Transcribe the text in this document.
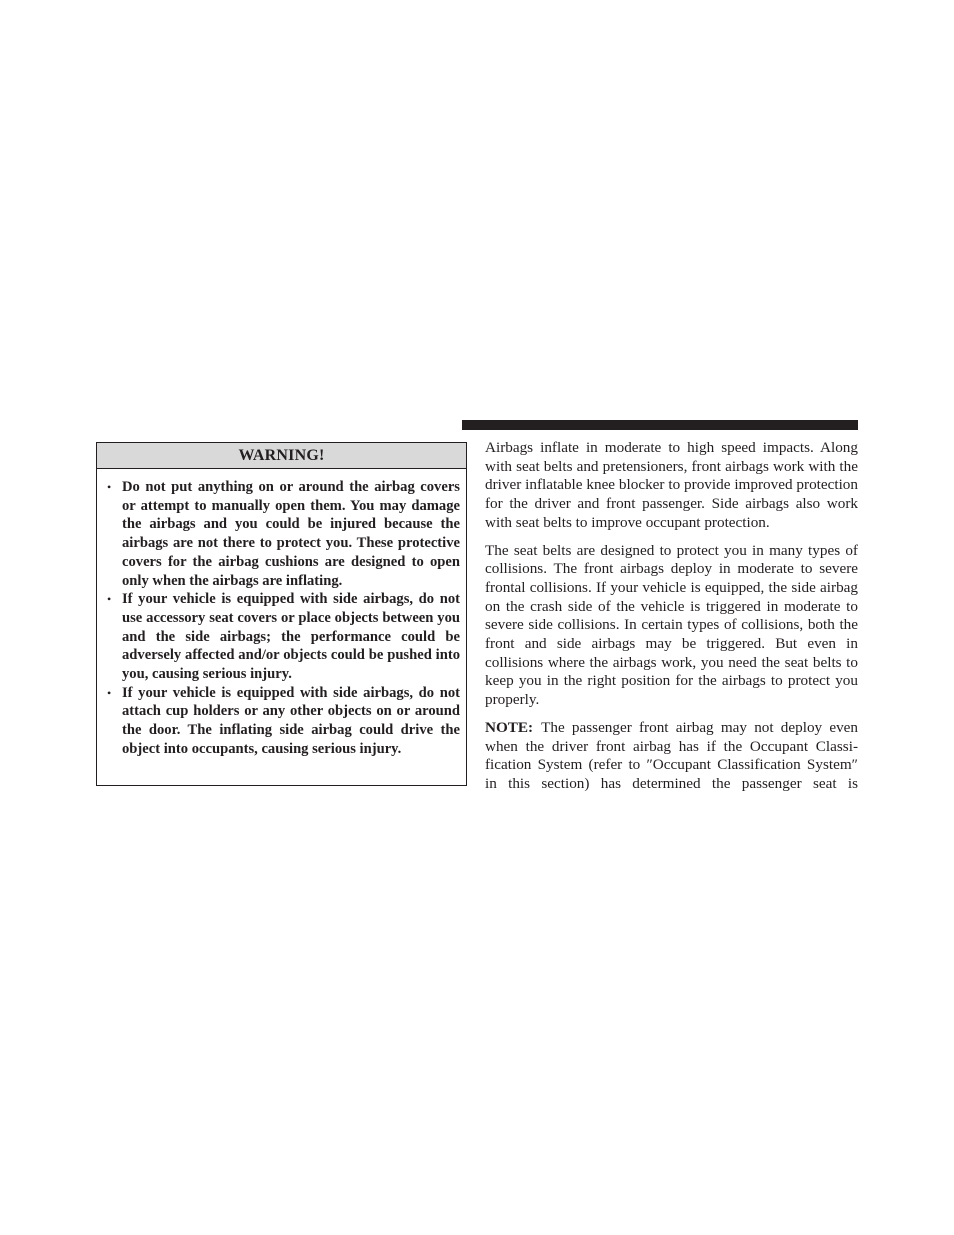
WARNING!
• Do not put anything on or around the airbag covers or attempt to manually open them. You may damage the airbags and you could be injured because the airbags are not there to protect you. These protective covers for the airbag cushions are designed to open only when the airbags are inflating.
• If your vehicle is equipped with side airbags, do not use accessory seat covers or place objects between you and the side airbags; the performance could be adversely affected and/or objects could be pushed into you, causing serious injury.
• If your vehicle is equipped with side airbags, do not attach cup holders or any other objects on or around the door. The inflating side airbag could drive the object into occupants, causing serious injury.

Airbags inflate in moderate to high speed impacts. Along with seat belts and pretensioners, front airbags work with the driver inflatable knee blocker to provide improved protection for the driver and front passenger. Side airbags also work with seat belts to improve occupant protection.

The seat belts are designed to protect you in many types of collisions. The front airbags deploy in moderate to severe frontal collisions. If your vehicle is equipped, the side airbag on the crash side of the vehicle is triggered in moderate to severe side collisions. In certain types of collisions, both the front and side airbags may be triggered. But even in collisions where the airbags work, you need the seat belts to keep you in the right position for the airbags to protect you properly.

NOTE: The passenger front airbag may not deploy even when the driver front airbag has if the Occupant Classification System (refer to ″Occupant Classification System″ in this section) has determined the passenger seat is
